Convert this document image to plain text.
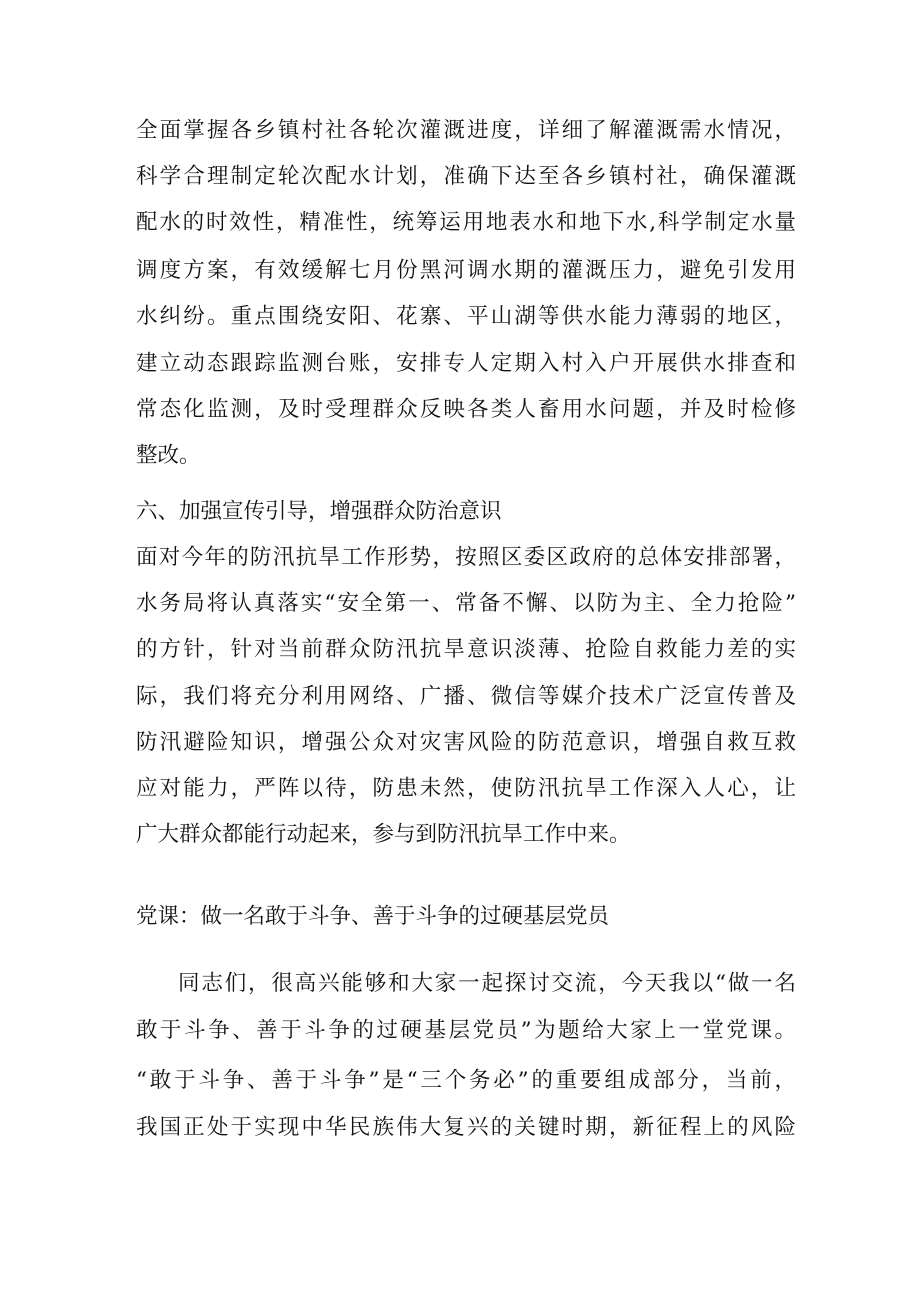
全面掌握各乡镇村社各轮次灌溉进度，详细了解灌溉需水情况，
科学合理制定轮次配水计划，准确下达至各乡镇村社，确保灌溉
配水的时效性，精准性，统筹运用地表水和地下水,科学制定水量
调度方案，有效缓解七月份黑河调水期的灌溉压力，避免引发用
水纠纷。重点围绕安阳、花寨、平山湖等供水能力薄弱的地区，
建立动态跟踪监测台账，安排专人定期入村入户开展供水排查和
常态化监测，及时受理群众反映各类人畜用水问题，并及时检修
整改。
六、加强宣传引导，增强群众防治意识
面对今年的防汛抗旱工作形势，按照区委区政府的总体安排部署，
水务局将认真落实“安全第一、常备不懈、以防为主、全力抢险”
的方针，针对当前群众防汛抗旱意识淡薄、抢险自救能力差的实
际，我们将充分利用网络、广播、微信等媒介技术广泛宣传普及
防汛避险知识，增强公众对灾害风险的防范意识，增强自救互救
应对能力，严阵以待，防患未然，使防汛抗旱工作深入人心，让
广大群众都能行动起来，参与到防汛抗旱工作中来。
党课：做一名敢于斗争、善于斗争的过硬基层党员
同志们，很高兴能够和大家一起探讨交流，今天我以“做一名
敢于斗争、善于斗争的过硬基层党员”为题给大家上一堂党课。
“敢于斗争、善于斗争”是“三个务必”的重要组成部分，当前，
我国正处于实现中华民族伟大复兴的关键时期，新征程上的风险
